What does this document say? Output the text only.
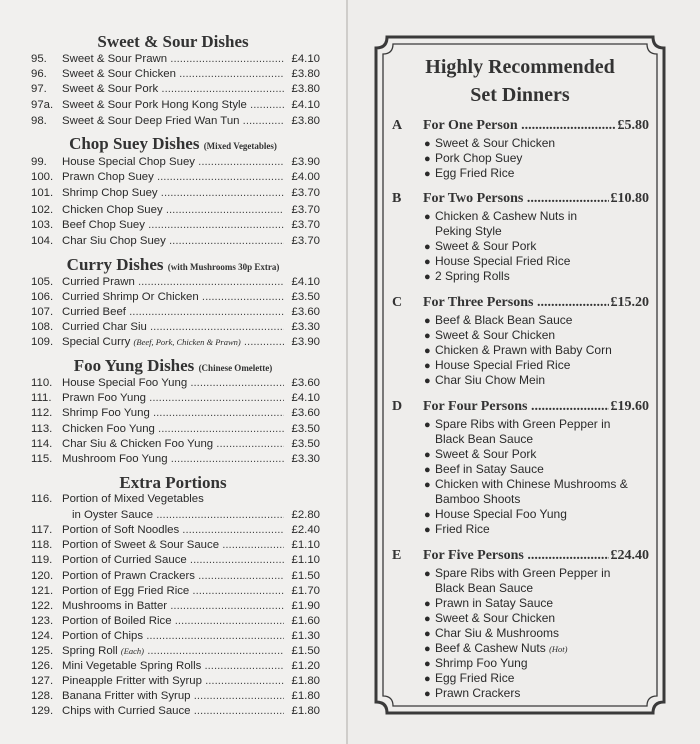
Sweet & Sour Dishes
95. Sweet & Sour Prawn .....	£4.10
96. Sweet & Sour Chicken .....	£3.80
97. Sweet & Sour Pork .....	£3.80
97a. Sweet & Sour Pork Hong Kong Style .....	£4.10
98. Sweet & Sour Deep Fried Wan Tun .....	£3.80
Chop Suey Dishes (Mixed Vegetables)
99. House Special Chop Suey .....	£3.90
100. Prawn Chop Suey .....	£4.00
101. Shrimp Chop Suey .....	£3.70
102. Chicken Chop Suey .....	£3.70
103. Beef Chop Suey .....	£3.70
104. Char Siu Chop Suey .....	£3.70
Curry Dishes (with Mushrooms 30p Extra)
105. Curried Prawn .....	£4.10
106. Curried Shrimp Or Chicken .....	£3.50
107. Curried Beef .....	£3.60
108. Curried Char Siu .....	£3.30
109. Special Curry (Beef, Pork, Chicken & Prawn) .....	£3.90
Foo Yung Dishes (Chinese Omelette)
110. House Special Foo Yung .....	£3.60
111. Prawn Foo Yung .....	£4.10
112. Shrimp Foo Yung .....	£3.60
113. Chicken Foo Yung .....	£3.50
114. Char Siu & Chicken Foo Yung .....	£3.50
115. Mushroom Foo Yung .....	£3.30
Extra Portions
116. Portion of Mixed Vegetables
in Oyster Sauce .....	£2.80
117. Portion of Soft Noodles .....	£2.40
118. Portion of Sweet & Sour Sauce .....	£1.10
119. Portion of Curried Sauce .....	£1.10
120. Portion of Prawn Crackers .....	£1.50
121. Portion of Egg Fried Rice .....	£1.70
122. Mushrooms in Batter .....	£1.90
123. Portion of Boiled Rice .....	£1.60
124. Portion of Chips .....	£1.30
125. Spring Roll (Each) .....	£1.50
126. Mini Vegetable Spring Rolls .....	£1.20
127. Pineapple Fritter with Syrup .....	£1.80
128. Banana Fritter with Syrup .....	£1.80
129. Chips with Curried Sauce .....	£1.80
Highly Recommended
Set Dinners
A For One Person .....	£5.80
● Sweet & Sour Chicken
● Pork Chop Suey
● Egg Fried Rice
B For Two Persons .....	£10.80
● Chicken & Cashew Nuts in
Peking Style
● Sweet & Sour Pork
● House Special Fried Rice
● 2 Spring Rolls
C For Three Persons .....	£15.20
● Beef & Black Bean Sauce
● Sweet & Sour Chicken
● Chicken & Prawn with Baby Corn
● House Special Fried Rice
● Char Siu Chow Mein
D For Four Persons .....	£19.60
● Spare Ribs with Green Pepper in
Black Bean Sauce
● Sweet & Sour Pork
● Beef in Satay Sauce
● Chicken with Chinese Mushrooms &
Bamboo Shoots
● House Special Foo Yung
● Fried Rice
E For Five Persons .....	£24.40
● Spare Ribs with Green Pepper in
Black Bean Sauce
● Prawn in Satay Sauce
● Sweet & Sour Chicken
● Char Siu & Mushrooms
● Beef & Cashew Nuts (Hot)
● Shrimp Foo Yung
● Egg Fried Rice
● Prawn Crackers
